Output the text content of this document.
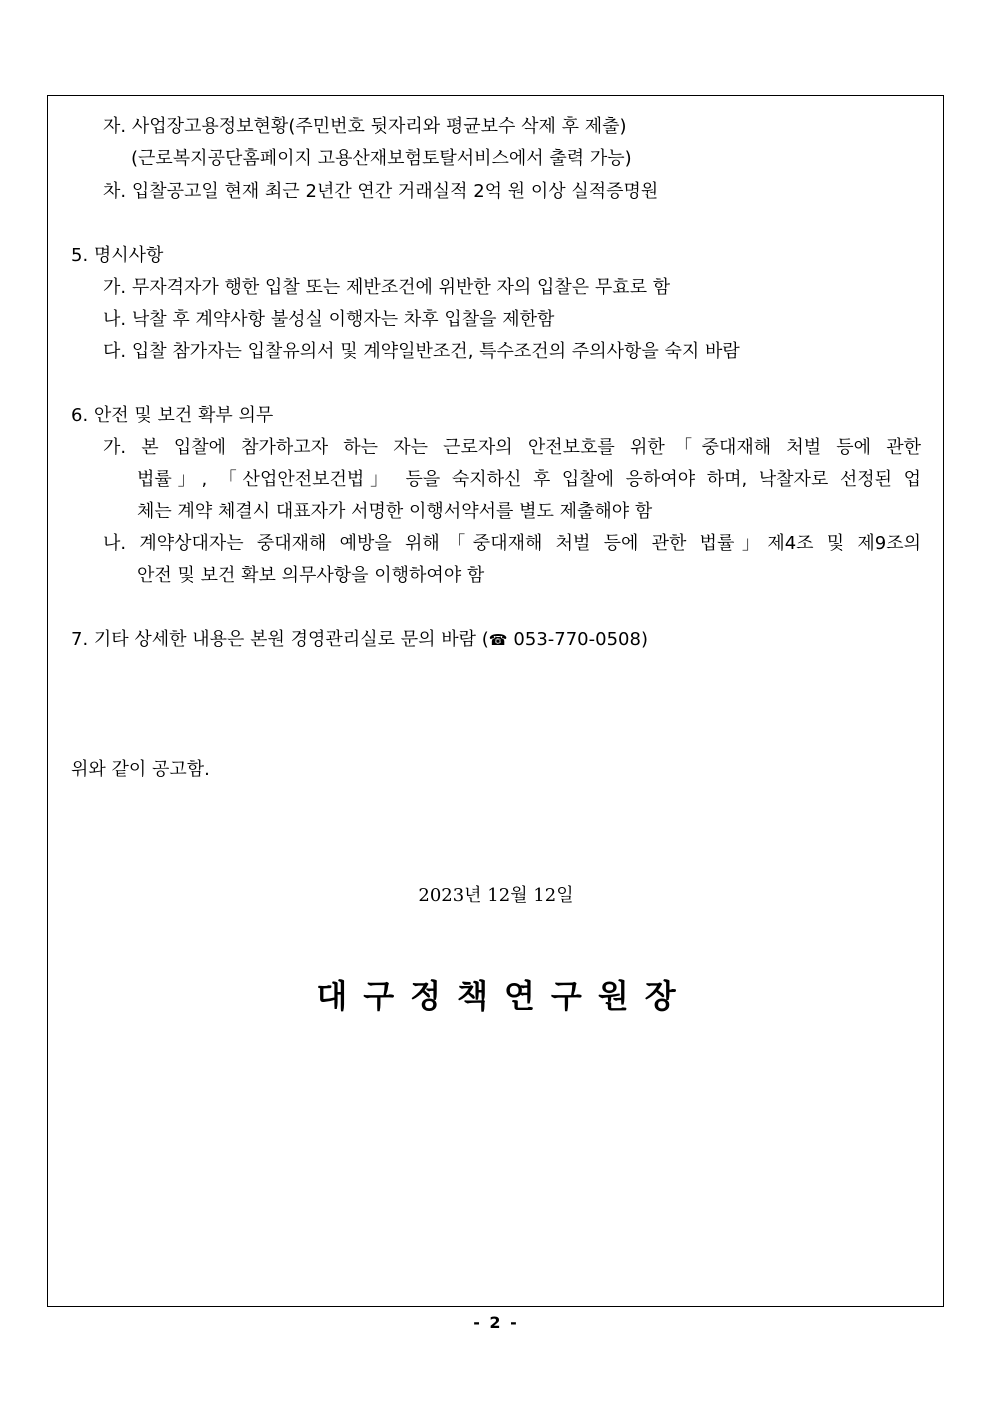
자. 사업장고용정보현황(주민번호 뒷자리와 평균보수 삭제 후 제출)
(근로복지공단홈페이지 고용산재보험토탈서비스에서 출력 가능)
차. 입찰공고일 현재 최근 2년간 연간 거래실적 2억 원 이상 실적증명원
5. 명시사항
가. 무자격자가 행한 입찰 또는 제반조건에 위반한 자의 입찰은 무효로 함
나. 낙찰 후 계약사항 불성실 이행자는 차후 입찰을 제한함
다. 입찰 참가자는 입찰유의서 및 계약일반조건, 특수조건의 주의사항을 숙지 바람
6. 안전 및 보건 확부 의무
가. 본 입찰에 참가하고자 하는 자는 근로자의 안전보호를 위한「중대재해 처벌 등에 관한
법률」, 「산업안전보건법」 등을 숙지하신 후 입찰에 응하여야 하며, 낙찰자로 선정된 업
체는 계약 체결시 대표자가 서명한 이행서약서를 별도 제출해야 함
나. 계약상대자는 중대재해 예방을 위해「중대재해 처벌 등에 관한 법률」제4조 및 제9조의
안전 및 보건 확보 의무사항을 이행하여야 함
7. 기타 상세한 내용은 본원 경영관리실로 문의 바람 (☎ 053-770-0508)
위와 같이 공고함.
2023년 12월 12일
대구정책연구원장
- 2 -
